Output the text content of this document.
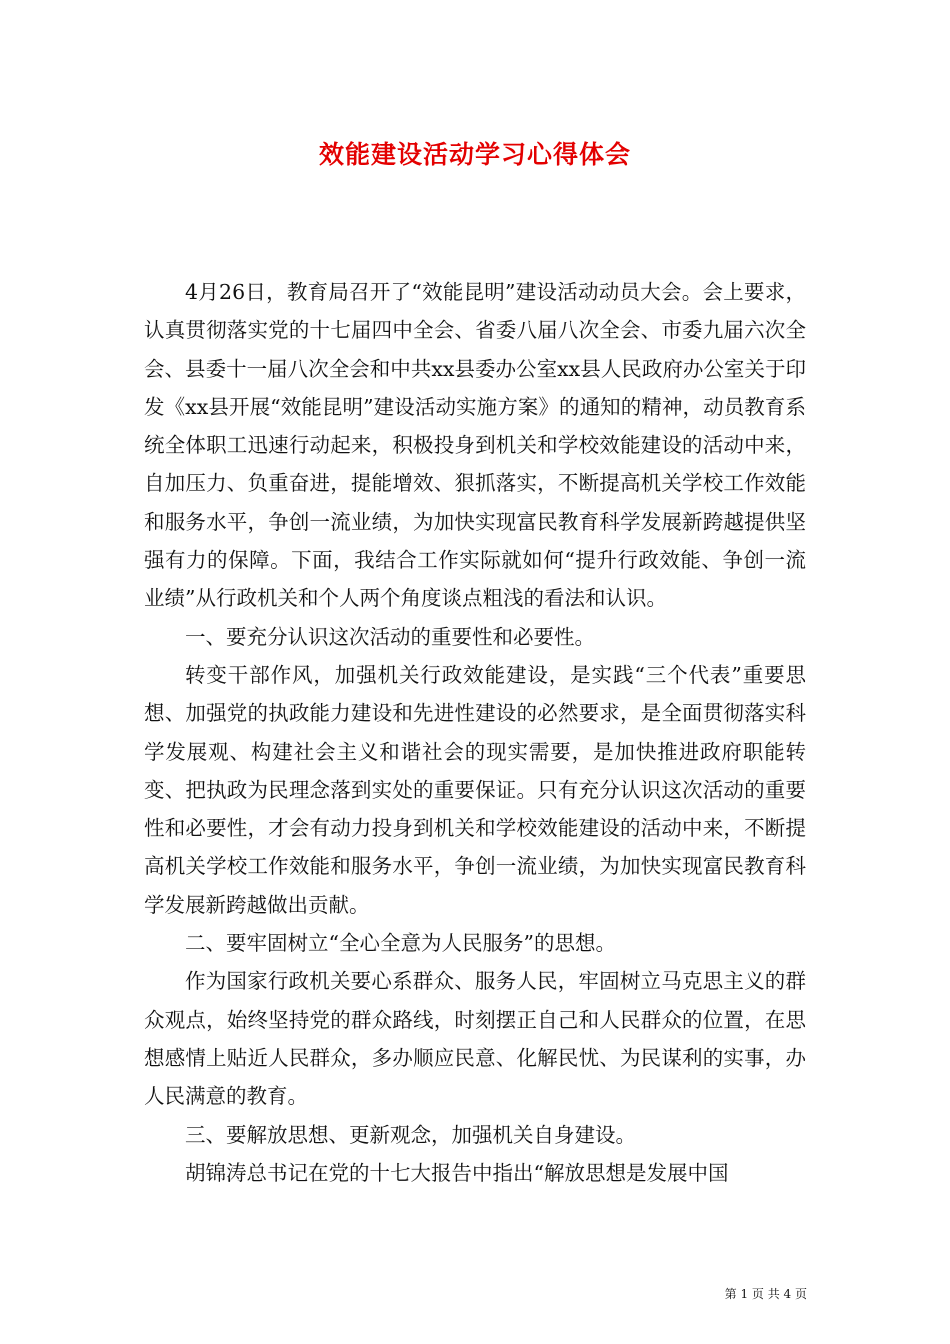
效能建设活动学习心得体会

4月26日，教育局召开了“效能昆明”建设活动动员大会。会上要求，认真贯彻落实党的十七届四中全会、省委八届八次全会、市委九届六次全会、县委十一届八次全会和中共xx县委办公室xx县人民政府办公室关于印发《xx县开展“效能昆明”建设活动实施方案》的通知的精神，动员教育系统全体职工迅速行动起来，积极投身到机关和学校效能建设的活动中来，自加压力、负重奋进，提能增效、狠抓落实，不断提高机关学校工作效能和服务水平，争创一流业绩，为加快实现富民教育科学发展新跨越提供坚强有力的保障。下面，我结合工作实际就如何“提升行政效能、争创一流业绩”从行政机关和个人两个角度谈点粗浅的看法和认识。

一、要充分认识这次活动的重要性和必要性。

转变干部作风，加强机关行政效能建设，是实践“三个代表”重要思想、加强党的执政能力建设和先进性建设的必然要求，是全面贯彻落实科学发展观、构建社会主义和谐社会的现实需要，是加快推进政府职能转变、把执政为民理念落到实处的重要保证。只有充分认识这次活动的重要性和必要性，才会有动力投身到机关和学校效能建设的活动中来，不断提高机关学校工作效能和服务水平，争创一流业绩，为加快实现富民教育科学发展新跨越做出贡献。

二、要牢固树立“全心全意为人民服务”的思想。

作为国家行政机关要心系群众、服务人民，牢固树立马克思主义的群众观点，始终坚持党的群众路线，时刻摆正自己和人民群众的位置，在思想感情上贴近人民群众，多办顺应民意、化解民忧、为民谋利的实事，办人民满意的教育。

三、要解放思想、更新观念，加强机关自身建设。

胡锦涛总书记在党的十七大报告中指出“解放思想是发展中国

第 1 页 共 4 页
